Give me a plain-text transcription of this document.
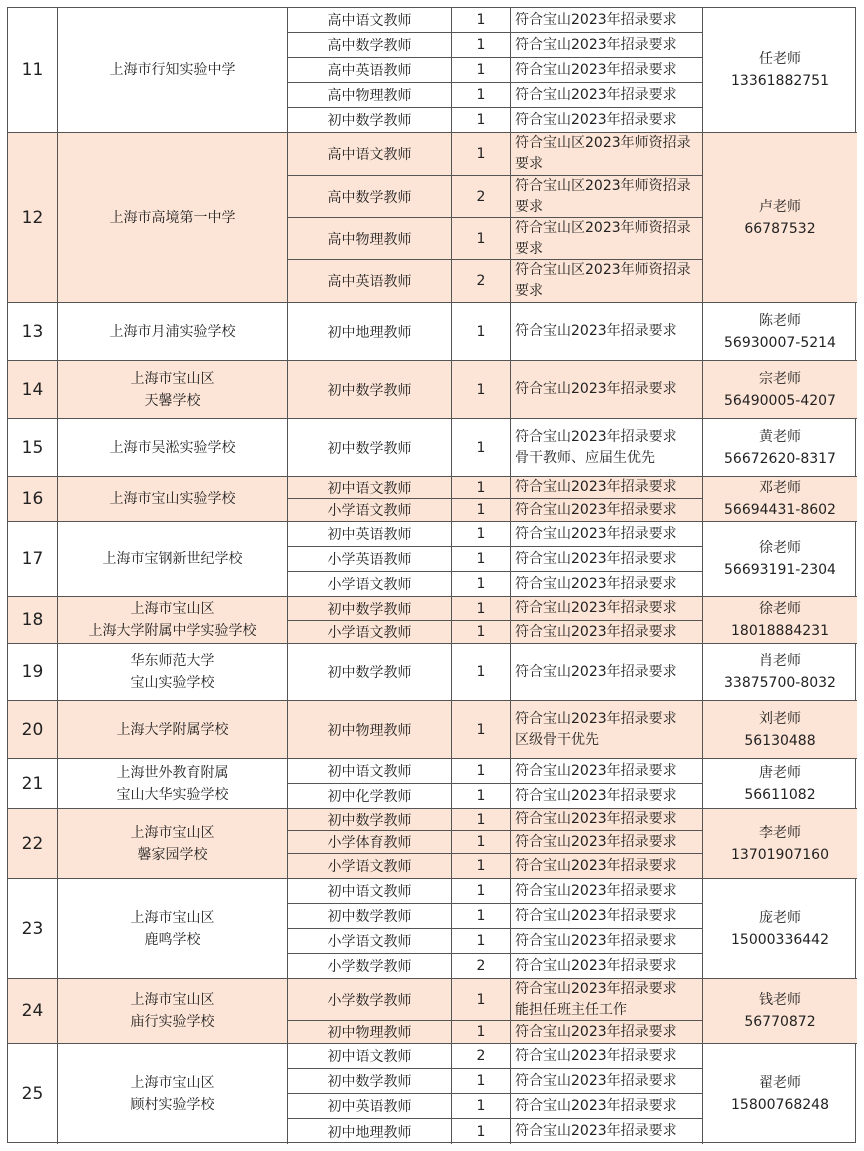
11	上海市行知实验中学
高中语文教师	1 符合宝山2023年招录要求
高中数学教师	1 符合宝山2023年招录要求
高中英语教师	1 符合宝山2023年招录要求
高中物理教师	1 符合宝山2023年招录要求
初中数学教师	1 符合宝山2023年招录要求
任老师
13361882751
12	上海市高境第一中学
高中语文教师	1
符合宝山区2023年师资招录
要求
高中数学教师	2
符合宝山区2023年师资招录
要求
高中物理教师	1
符合宝山区2023年师资招录
要求
高中英语教师	2
符合宝山区2023年师资招录
要求
卢老师
66787532
13	上海市月浦实验学校	初中地理教师	1 符合宝山2023年招录要求
陈老师
56930007-5214
14
上海市宝山区
天馨学校
初中数学教师	1 符合宝山2023年招录要求
宗老师
56490005-4207
15	上海市吴淞实验学校	初中数学教师	1
符合宝山2023年招录要求
骨干教师、应届生优先
黄老师
56672620-8317
16	上海市宝山实验学校
初中语文教师	1 符合宝山2023年招录要求
小学语文教师	1 符合宝山2023年招录要求
邓老师
56694431-8602
17	上海市宝钢新世纪学校
初中英语教师	1 符合宝山2023年招录要求
小学英语教师	1 符合宝山2023年招录要求
小学语文教师	1 符合宝山2023年招录要求
徐老师
56693191-2304
18
上海市宝山区
上海大学附属中学实验学校
初中数学教师	1 符合宝山2023年招录要求
小学语文教师	1 符合宝山2023年招录要求
徐老师
18018884231
19
华东师范大学
宝山实验学校
初中数学教师	1 符合宝山2023年招录要求
肖老师
33875700-8032
20	上海大学附属学校	初中物理教师	1
符合宝山2023年招录要求
区级骨干优先
刘老师
56130488
21
上海世外教育附属
宝山大华实验学校
初中语文教师	1 符合宝山2023年招录要求
初中化学教师	1 符合宝山2023年招录要求
唐老师
56611082
22
上海市宝山区
馨家园学校
初中数学教师	1 符合宝山2023年招录要求
小学体育教师	1 符合宝山2023年招录要求
小学语文教师	1 符合宝山2023年招录要求
李老师
13701907160
23
上海市宝山区
鹿鸣学校
初中语文教师	1 符合宝山2023年招录要求
初中数学教师	1 符合宝山2023年招录要求
小学语文教师	1 符合宝山2023年招录要求
小学数学教师	2 符合宝山2023年招录要求
庞老师
15000336442
24
上海市宝山区
庙行实验学校
小学数学教师	1
符合宝山2023年招录要求
能担任班主任工作
初中物理教师	1 符合宝山2023年招录要求
钱老师
56770872
25
上海市宝山区
顾村实验学校
初中语文教师	2 符合宝山2023年招录要求
初中数学教师	1 符合宝山2023年招录要求
初中英语教师	1 符合宝山2023年招录要求
初中地理教师	1 符合宝山2023年招录要求
翟老师
15800768248
